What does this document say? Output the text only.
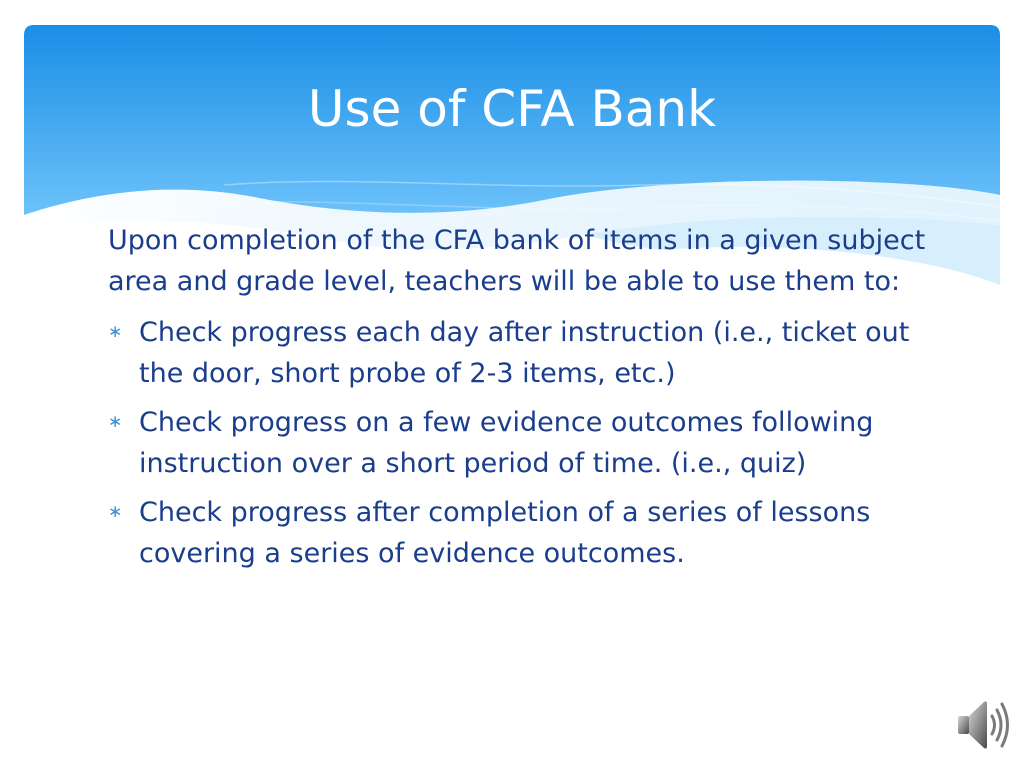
Use of CFA Bank

Upon completion of the CFA bank of items in a given subject area and grade level, teachers will be able to use them to:

∗ Check progress each day after instruction (i.e., ticket out the door, short probe of 2-3 items, etc.)
∗ Check progress on a few evidence outcomes following instruction over a short period of time. (i.e., quiz)
∗ Check progress after completion of a series of lessons covering a series of evidence outcomes.
